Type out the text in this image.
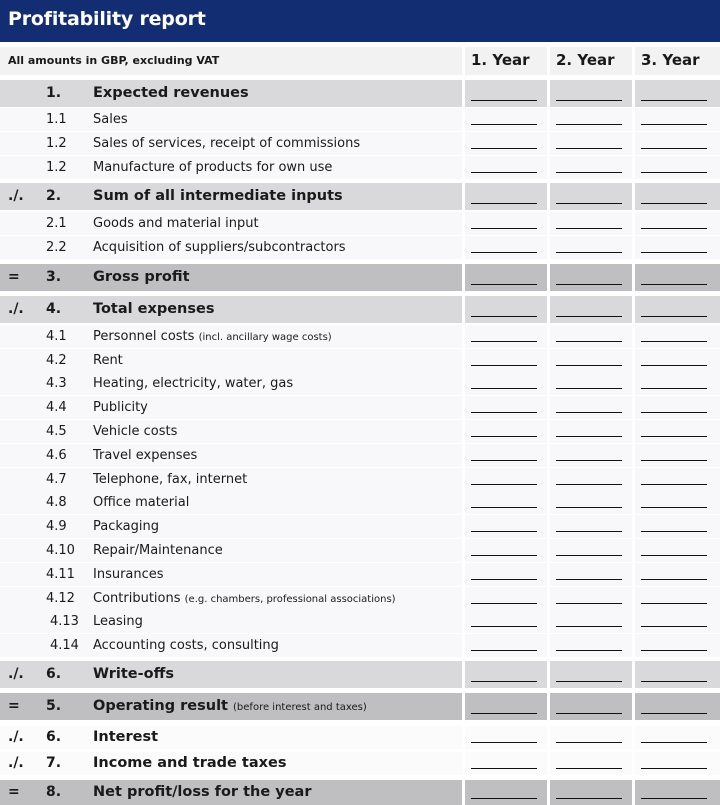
Profitability report
All amounts in GBP, excluding VAT	1. Year 2. Year 3. Year
1. Expected revenues
1.1 Sales
1.2 Sales of services, receipt of commissions
1.2 Manufacture of products for own use
./. 2. Sum of all intermediate inputs
2.1 Goods and material input
2.2 Acquisition of suppliers/subcontractors
= 3. Gross profit
./. 4. Total expenses
4.1 Personnel costs (incl. ancillary wage costs)
4.2 Rent
4.3 Heating, electricity, water, gas
4.4 Publicity
4.5 Vehicle costs
4.6 Travel expenses
4.7 Telephone, fax, internet
4.8 Office material
4.9 Packaging
4.10 Repair/Maintenance
4.11 Insurances
4.12 Contributions (e.g. chambers, professional associations)
4.13 Leasing
4.14 Accounting costs, consulting
./. 6. Write-offs
= 5. Operating result (before interest and taxes)
./. 6. Interest
./. 7. Income and trade taxes
= 8. Net profit/loss for the year
